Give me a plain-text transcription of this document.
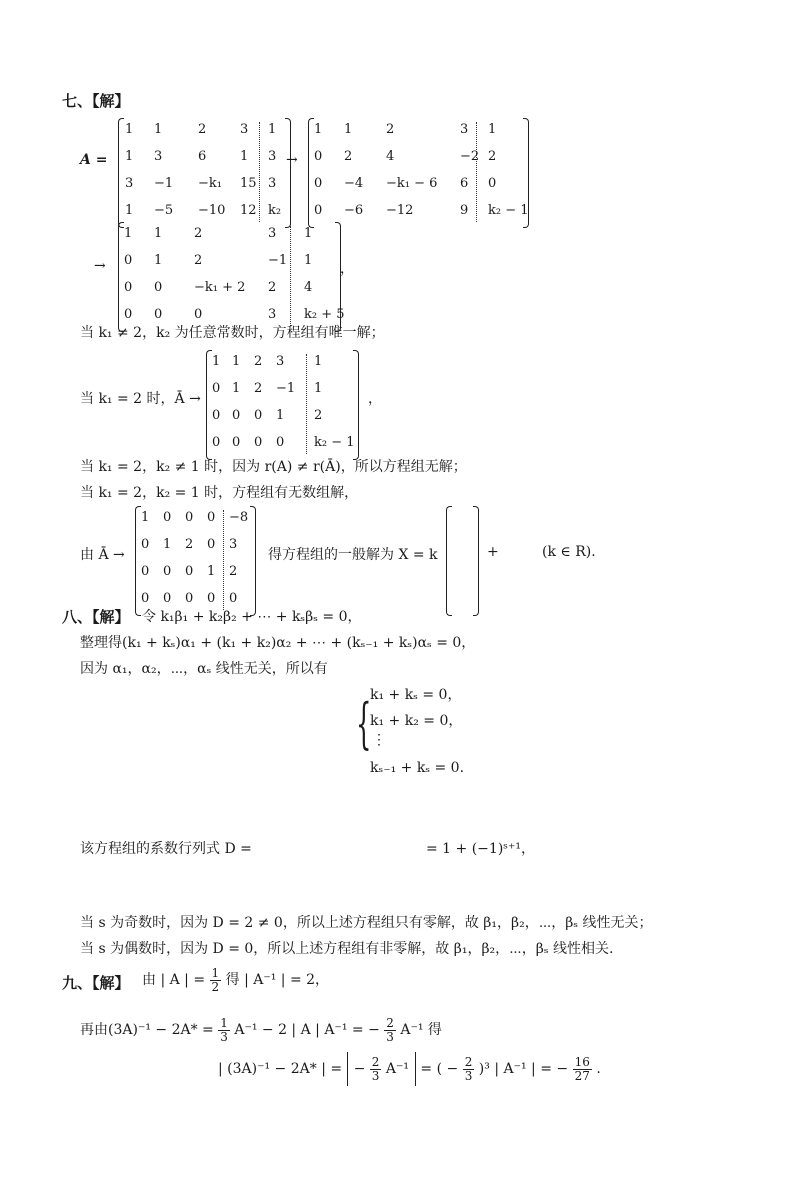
七、【解】
A =
1 1	2	3 1
1 3	6	1 3
3 −1 −k₁ 15 3
1 −5 −10 12 k₂
→
1 1	2	3 1
0 2	4	−2 2
0 −4 −k₁ − 6 6 0
0 −6 −12	9 k₂ − 1
→
1 1 2	3 1
0 1 2	−1 1
0 0 −k₁ + 2 2 4
0 0 0	3 k₂ + 5
，
当 k₁ ≠ 2，k₂ 为任意常数时，方程组有唯一解；
当 k₁ = 2 时，Ā →
1 1 2 3 1
0 1 2 −1 1
0 0 0 1 2
0 0 0 0 k₂ − 1
，
当 k₁ = 2，k₂ ≠ 1 时，因为 r(A) ≠ r(Ā)，所以方程组无解；
当 k₁ = 2，k₂ = 1 时，方程组有无数组解，
由 Ā →
1 0 0 0 −8
0 1 2 0 3
0 0 0 1 2
0 0 0 0 0
得方程组的一般解为 X = k	+	(k ∈ R).
八、【解】 令 k₁β₁ + k₂β₂ + ⋯ + kₛβₛ = 0，
整理得(k₁ + kₛ)α₁ + (k₁ + k₂)α₂ + ⋯ + (kₛ₋₁ + kₛ)αₛ = 0，
因为 α₁，α₂，⋯，αₛ 线性无关，所以有
{
k₁ + kₛ = 0，
k₁ + k₂ = 0，
⋮
kₛ₋₁ + kₛ = 0.
该方程组的系数行列式 D =	= 1 + (−1)ˢ⁺¹，
当 s 为奇数时，因为 D = 2 ≠ 0，所以上述方程组只有零解，故 β₁，β₂，⋯，βₛ 线性无关；
当 s 为偶数时，因为 D = 0，所以上述方程组有非零解，故 β₁，β₂，⋯，βₛ 线性相关.
九、【解】 由 | A | = $\frac{1}{2}$ 得 | A⁻¹ | = 2，
再由$(3A)^{-1} - 2A* = \frac{1}{3} A^{-1} - 2$ | A | A⁻¹ = − $\frac{2}{3} A^{-1}$ 得
| (3A)⁻¹ − 2A* | = − $\frac{2}{3} A^{-1}$ = ( − $\frac{2}{3} )^3$ | A⁻¹ | = − $\frac{16}{27}$ .
